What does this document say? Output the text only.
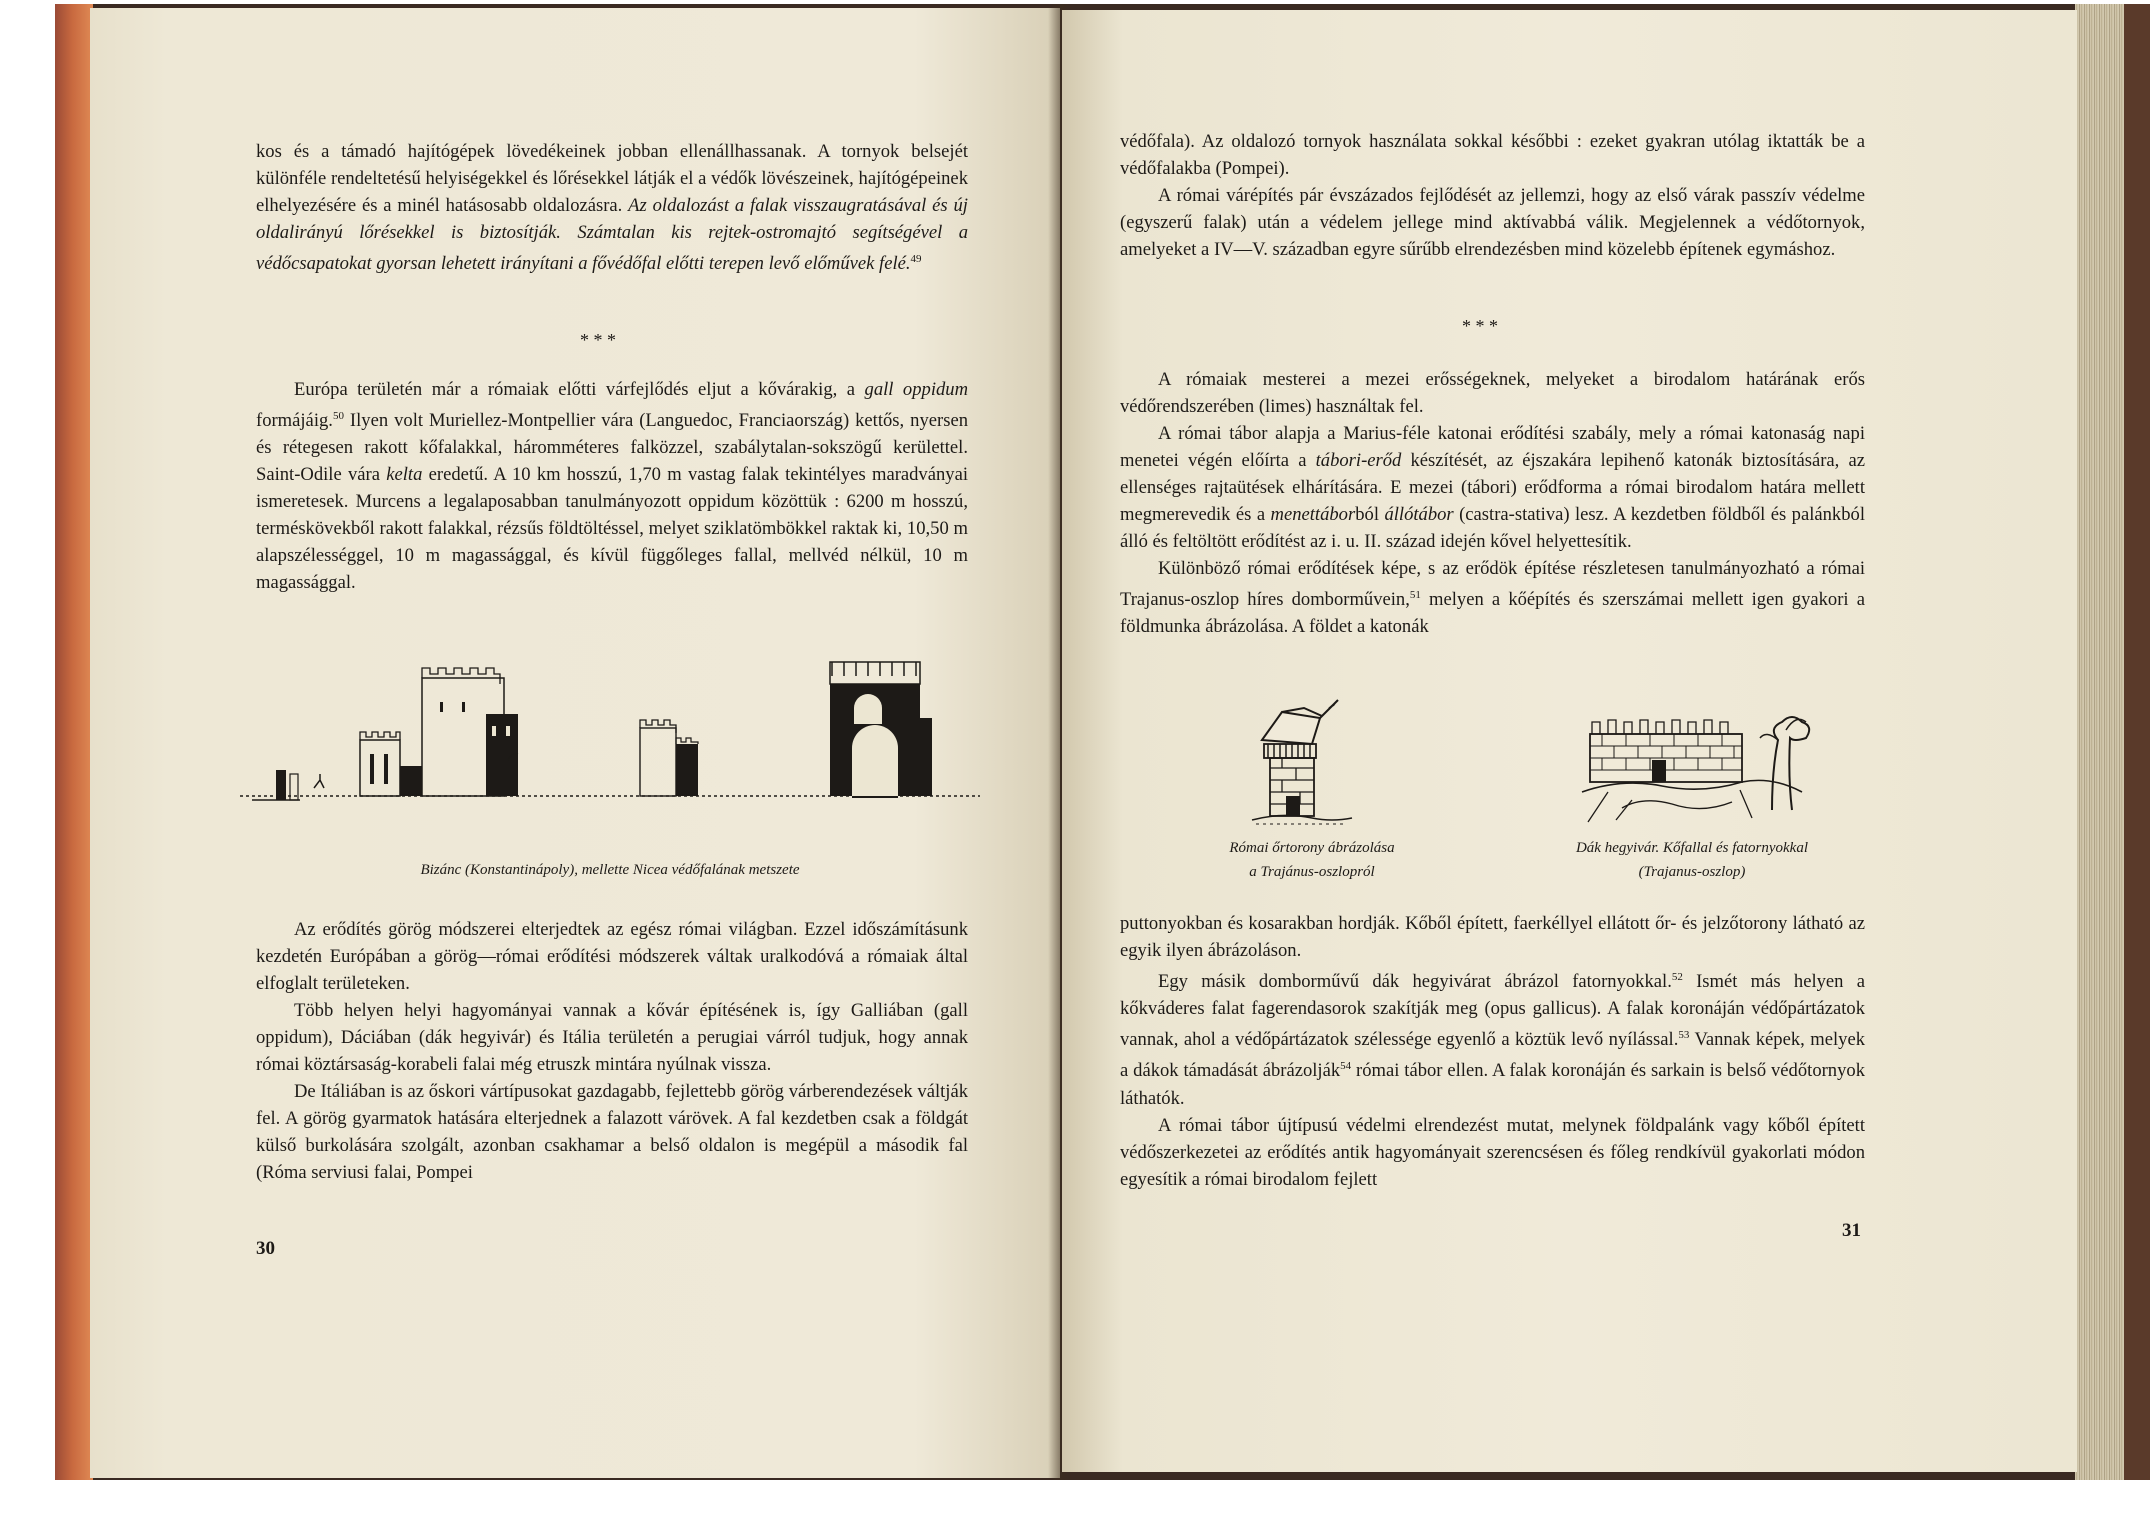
kos és a támadó hajítógépek lövedékeinek jobban ellenállhassanak. A tornyok belsejét különféle rendeltetésű helyiségekkel és lőrésekkel látják el a védők lövészeinek, hajítógépeinek elhelyezésére és a minél hatásosabb oldalozásra. Az oldalozást a falak visszaugratásával és új oldalirányú lőrésekkel is biztosítják. Számtalan kis rejtek-ostromajtó segítségével a védőcsapatokat gyorsan lehetett irányítani a fővédőfal előtti terepen levő előművek felé.$^{49}$

* * *

Európa területén már a rómaiak előtti várfejlődés eljut a kővárakig, a gall oppidum formájáig.$^{50}$ Ilyen volt Muriellez-Montpellier vára (Languedoc, Franciaország) kettős, nyersen és rétegesen rakott kőfalakkal, háromméteres falközzel, szabálytalan-sokszögű kerülettel. Saint-Odile vára kelta eredetű. A 10 km hosszú, 1,70 m vastag falak tekintélyes maradványai ismeretesek. Murcens a legalaposabban tanulmányozott oppidum közöttük : 6200 m hosszú, terméskövekből rakott falakkal, rézsűs földtöltéssel, melyet sziklatömbökkel raktak ki, 10,50 m alapszélességgel, 10 m magassággal, és kívül függőleges fallal, mellvéd nélkül, 10 m magassággal.

Bizánc (Konstantinápoly), mellette Nicea védőfalának metszete

Az erődítés görög módszerei elterjedtek az egész római világban. Ezzel időszámításunk kezdetén Európában a görög—római erődítési módszerek váltak uralkodóvá a rómaiak által elfoglalt területeken.

Több helyen helyi hagyományai vannak a kővár építésének is, így Galliában (gall oppidum), Dáciában (dák hegyivár) és Itália területén a perugiai várról tudjuk, hogy annak római köztársaság-korabeli falai még etruszk mintára nyúlnak vissza.

De Itáliában is az őskori vártípusokat gazdagabb, fejlettebb görög várberendezések váltják fel. A görög gyarmatok hatására elterjednek a falazott várövek. A fal kezdetben csak a földgát külső burkolására szolgált, azonban csakhamar a belső oldalon is megépül a második fal (Róma serviusi falai, Pompei

30

védőfala). Az oldalozó tornyok használata sokkal későbbi : ezeket gyakran utólag iktatták be a védőfalakba (Pompei).

A római várépítés pár évszázados fejlődését az jellemzi, hogy az első várak passzív védelme (egyszerű falak) után a védelem jellege mind aktívabbá válik. Megjelennek a védőtornyok, amelyeket a IV—V. században egyre sűrűbb elrendezésben mind közelebb építenek egymáshoz.

* * *

A rómaiak mesterei a mezei erősségeknek, melyeket a birodalom határának erős védőrendszerében (limes) használtak fel.

A római tábor alapja a Marius-féle katonai erődítési szabály, mely a római katonaság napi menetei végén előírta a tábori-erőd készítését, az éjszakára lepihenő katonák biztosítására, az ellenséges rajtaütések elhárítására. E mezei (tábori) erődforma a római birodalom határa mellett megmerevedik és a menettáborból állótábor (castra-stativa) lesz. A kezdetben földből és palánkból álló és feltöltött erődítést az i. u. II. század idején kővel helyettesítik.

Különböző római erődítések képe, s az erődök építése részletesen tanulmányozható a római Trajanus-oszlop híres domborművein,$^{51}$ melyen a kőépítés és szerszámai mellett igen gyakori a földmunka ábrázolása. A földet a katonák

Római őrtorony ábrázolása
a Trajánus-oszlopról
Dák hegyivár. Kőfallal és fatornyokkal
(Trajanus-oszlop)

puttonyokban és kosarakban hordják. Kőből épített, faerkéllyel ellátott őr- és jelzőtorony látható az egyik ilyen ábrázoláson.

Egy másik domborművű dák hegyivárat ábrázol fatornyokkal.$^{52}$ Ismét más helyen a kőkváderes falat fagerendasorok szakítják meg (opus gallicus). A falak koronáján védőpártázatok vannak, ahol a védőpártázatok szélessége egyenlő a köztük levő nyílással.$^{53}$ Vannak képek, melyek a dákok támadását ábrázolják$^{54}$ római tábor ellen. A falak koronáján és sarkain is belső védőtornyok láthatók.

A római tábor újtípusú védelmi elrendezést mutat, melynek földpalánk vagy kőből épített védőszerkezetei az erődítés antik hagyományait szerencsésen és főleg rendkívül gyakorlati módon egyesítik a római birodalom fejlett

31
